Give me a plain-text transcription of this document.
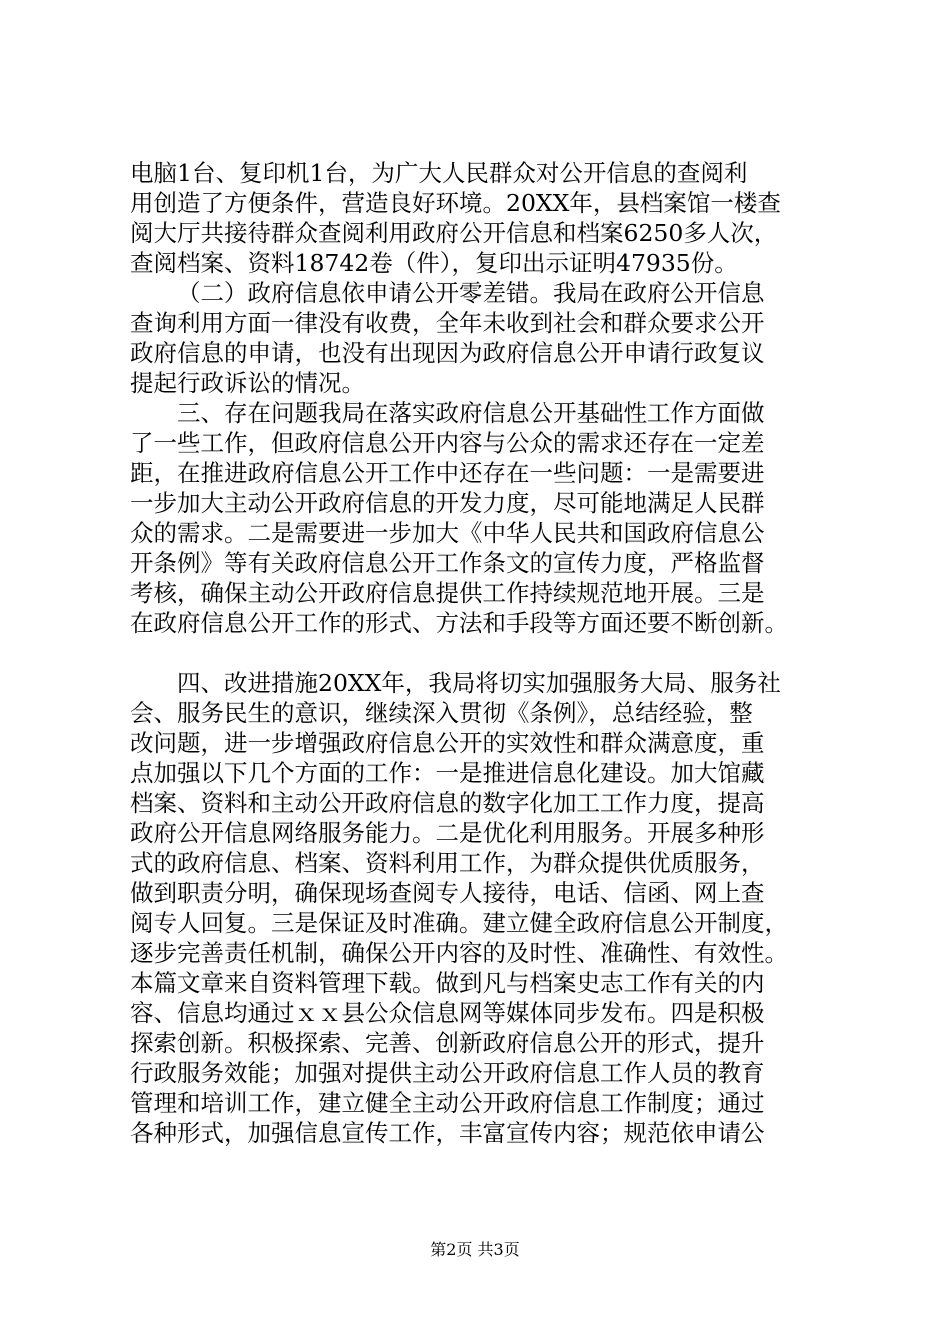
电脑1台、复印机1台，为广大人民群众对公开信息的查阅利
用创造了方便条件，营造良好环境。20XX年，县档案馆一楼查
阅大厅共接待群众查阅利用政府公开信息和档案6250多人次，
查阅档案、资料18742卷（件），复印出示证明47935份。
（二）政府信息依申请公开零差错。我局在政府公开信息
查询利用方面一律没有收费，全年未收到社会和群众要求公开
政府信息的申请，也没有出现因为政府信息公开申请行政复议
提起行政诉讼的情况。
三、存在问题我局在落实政府信息公开基础性工作方面做
了一些工作，但政府信息公开内容与公众的需求还存在一定差
距，在推进政府信息公开工作中还存在一些问题：一是需要进
一步加大主动公开政府信息的开发力度，尽可能地满足人民群
众的需求。二是需要进一步加大《中华人民共和国政府信息公
开条例》等有关政府信息公开工作条文的宣传力度，严格监督
考核，确保主动公开政府信息提供工作持续规范地开展。三是
在政府信息公开工作的形式、方法和手段等方面还要不断创新。
四、改进措施20XX年，我局将切实加强服务大局、服务社
会、服务民生的意识，继续深入贯彻《条例》，总结经验，整
改问题，进一步增强政府信息公开的实效性和群众满意度，重
点加强以下几个方面的工作：一是推进信息化建设。加大馆藏
档案、资料和主动公开政府信息的数字化加工工作力度，提高
政府公开信息网络服务能力。二是优化利用服务。开展多种形
式的政府信息、档案、资料利用工作，为群众提供优质服务，
做到职责分明，确保现场查阅专人接待，电话、信函、网上查
阅专人回复。三是保证及时准确。建立健全政府信息公开制度，
逐步完善责任机制，确保公开内容的及时性、准确性、有效性。
本篇文章来自资料管理下载。做到凡与档案史志工作有关的内
容、信息均通过ｘｘ县公众信息网等媒体同步发布。四是积极
探索创新。积极探索、完善、创新政府信息公开的形式，提升
行政服务效能；加强对提供主动公开政府信息工作人员的教育
管理和培训工作，建立健全主动公开政府信息工作制度；通过
各种形式，加强信息宣传工作，丰富宣传内容；规范依申请公
第2页 共3页
